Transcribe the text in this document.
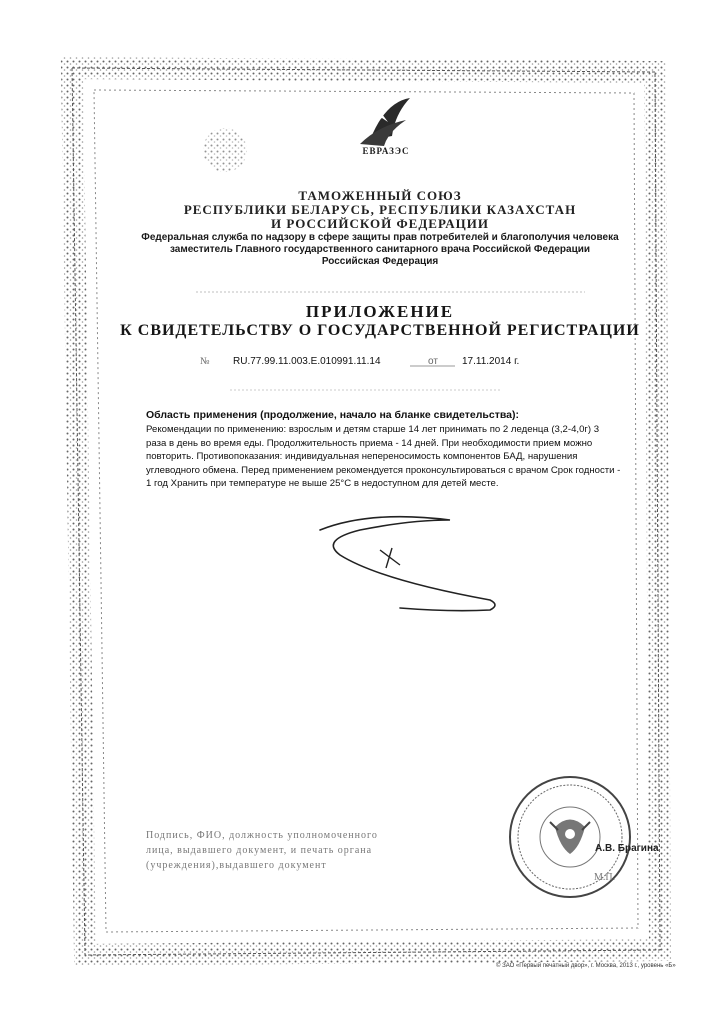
ЕВРАЗЭС
ТАМОЖЕННЫЙ СОЮЗ
РЕСПУБЛИКИ БЕЛАРУСЬ, РЕСПУБЛИКИ КАЗАХСТАН
И РОССИЙСКОЙ ФЕДЕРАЦИИ
Федеральная служба по надзору в сфере защиты прав потребителей и благополучия человека
заместитель Главного государственного санитарного врача Российской Федерации
Российская Федерация
ПРИЛОЖЕНИЕ
К СВИДЕТЕЛЬСТВУ О ГОСУДАРСТВЕННОЙ РЕГИСТРАЦИИ
№ RU.77.99.11.003.E.010991.11.14	от 17.11.2014 г.
Область применения (продолжение, начало на бланке свидетельства):
Рекомендации по применению: взрослым и детям старше 14 лет принимать по 2 леденца (3,2-4,0г) 3 раза в день во время еды. Продолжительность приема - 14 дней. При необходимости прием можно повторить. Противопоказания: индивидуальная непереносимость компонентов БАД, нарушения углеводного обмена. Перед применением рекомендуется проконсультироваться с врачом Срок годности - 1 год Хранить при температуре не выше 25°С в недоступном для детей месте.
Подпись, ФИО, должность уполномоченного
лица, выдавшего документ, и печать органа
(учреждения),выдавшего документ
А.В. Брагина
М.П.
© ЗАО «Первый печатный двор», г. Москва, 2013 г., уровень «Б»
